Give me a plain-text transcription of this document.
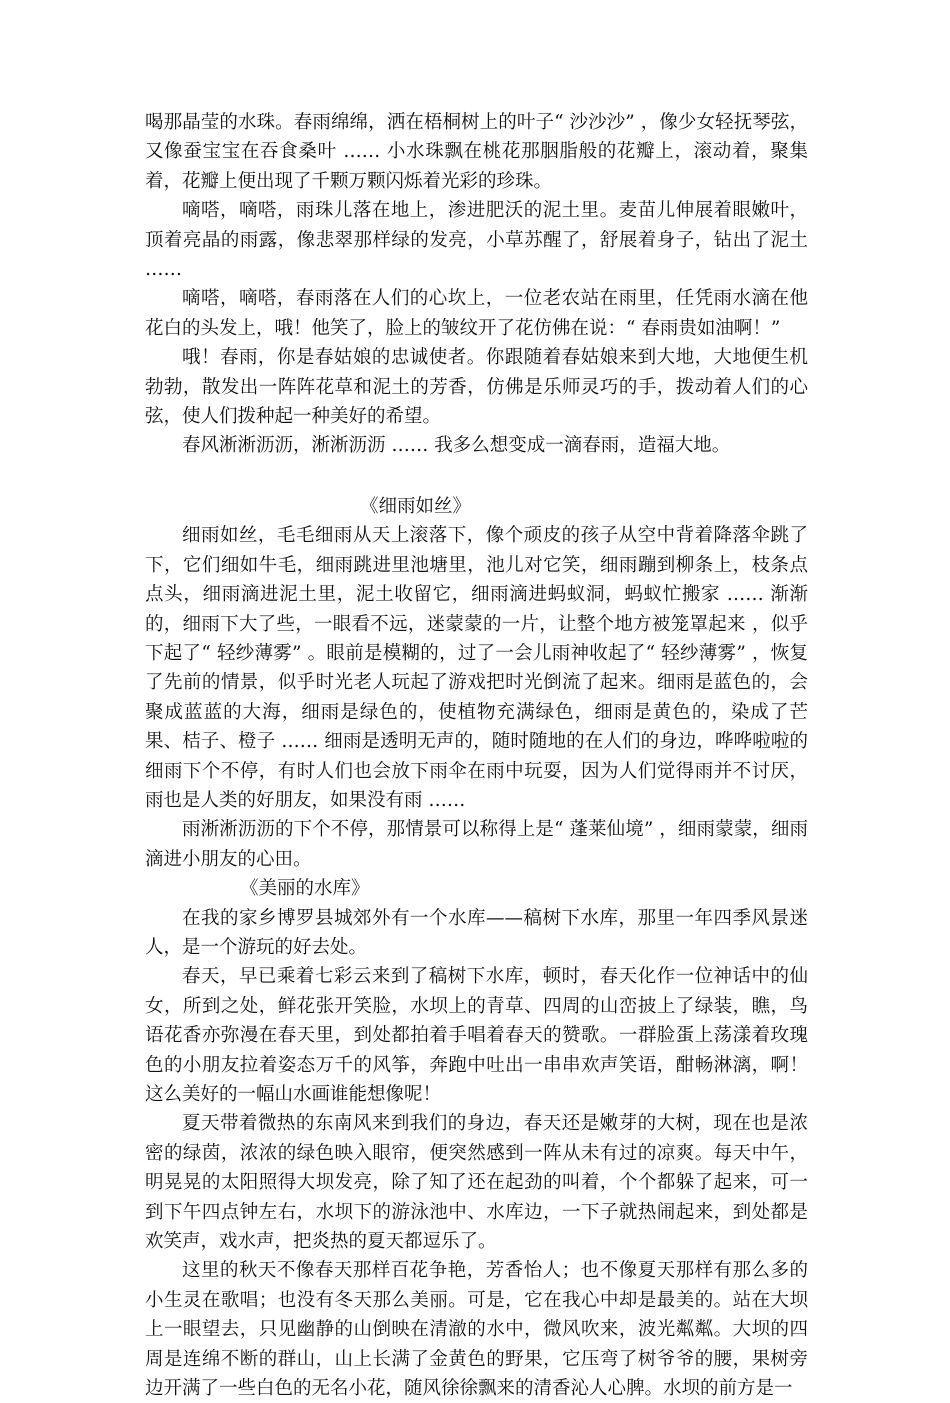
喝那晶莹的水珠。春雨绵绵，洒在梧桐树上的叶子“ 沙沙沙” ，像少女轻抚琴弦，又像蚕宝宝在吞食桑叶 …… 小水珠飘在桃花那胭脂般的花瓣上，滚动着，聚集着，花瓣上便出现了千颗万颗闪烁着光彩的珍珠。

嘀嗒，嘀嗒，雨珠儿落在地上，渗进肥沃的泥土里。麦苗儿伸展着眼嫩叶，顶着亮晶的雨露，像悲翠那样绿的发亮，小草苏醒了，舒展着身子，钻出了泥土 ……

嘀嗒，嘀嗒，春雨落在人们的心坎上，一位老农站在雨里，任凭雨水滴在他花白的头发上，哦！他笑了，脸上的皱纹开了花仿佛在说：“ 春雨贵如油啊！”

哦！春雨，你是春姑娘的忠诚使者。你跟随着春姑娘来到大地，大地便生机勃勃，散发出一阵阵花草和泥土的芳香，仿佛是乐师灵巧的手，拨动着人们的心弦，使人们拨种起一种美好的希望。

春风淅淅沥沥，淅淅沥沥 …… 我多么想变成一滴春雨，造福大地。

《细雨如丝》

细雨如丝，毛毛细雨从天上滚落下，像个顽皮的孩子从空中背着降落伞跳了下，它们细如牛毛，细雨跳进里池塘里，池儿对它笑，细雨蹦到柳条上，枝条点点头，细雨滴进泥土里，泥土收留它，细雨滴进蚂蚁洞，蚂蚁忙搬家 …… 渐渐的，细雨下大了些，一眼看不远，迷蒙蒙的一片，让整个地方被笼罩起来 ，似乎下起了“ 轻纱薄雾” 。眼前是模糊的，过了一会儿雨神收起了“ 轻纱薄雾” ，恢复了先前的情景，似乎时光老人玩起了游戏把时光倒流了起来。细雨是蓝色的，会聚成蓝蓝的大海，细雨是绿色的，使植物充满绿色，细雨是黄色的，染成了芒果、桔子、橙子 …… 细雨是透明无声的，随时随地的在人们的身边，哗哗啦啦的细雨下个不停，有时人们也会放下雨伞在雨中玩耍，因为人们觉得雨并不讨厌，雨也是人类的好朋友，如果没有雨 ……

雨淅淅沥沥的下个不停，那情景可以称得上是“ 蓬莱仙境” ，细雨蒙蒙，细雨滴进小朋友的心田。

《美丽的水库》

在我的家乡博罗县城郊外有一个水库——稿树下水库，那里一年四季风景迷人，是一个游玩的好去处。

春天，早已乘着七彩云来到了稿树下水库，顿时，春天化作一位神话中的仙女，所到之处，鲜花张开笑脸，水坝上的青草、四周的山峦披上了绿装，瞧，鸟语花香亦弥漫在春天里，到处都拍着手唱着春天的赞歌。一群脸蛋上荡漾着玫瑰色的小朋友拉着姿态万千的风筝，奔跑中吐出一串串欢声笑语，酣畅淋漓，啊！这么美好的一幅山水画谁能想像呢！

夏天带着微热的东南风来到我们的身边，春天还是嫩芽的大树，现在也是浓密的绿茵，浓浓的绿色映入眼帘，便突然感到一阵从未有过的凉爽。每天中午，明晃晃的太阳照得大坝发亮，除了知了还在起劲的叫着，个个都躲了起来，可一到下午四点钟左右，水坝下的游泳池中、水库边，一下子就热闹起来，到处都是欢笑声，戏水声，把炎热的夏天都逗乐了。

这里的秋天不像春天那样百花争艳，芳香怡人；也不像夏天那样有那么多的小生灵在歌唱；也没有冬天那么美丽。可是，它在我心中却是最美的。站在大坝上一眼望去，只见幽静的山倒映在清澈的水中，微风吹来，波光粼粼。大坝的四周是连绵不断的群山，山上长满了金黄色的野果，它压弯了树爷爷的腰，果树旁边开满了一些白色的无名小花，随风徐徐飘来的清香沁人心脾。水坝的前方是一
